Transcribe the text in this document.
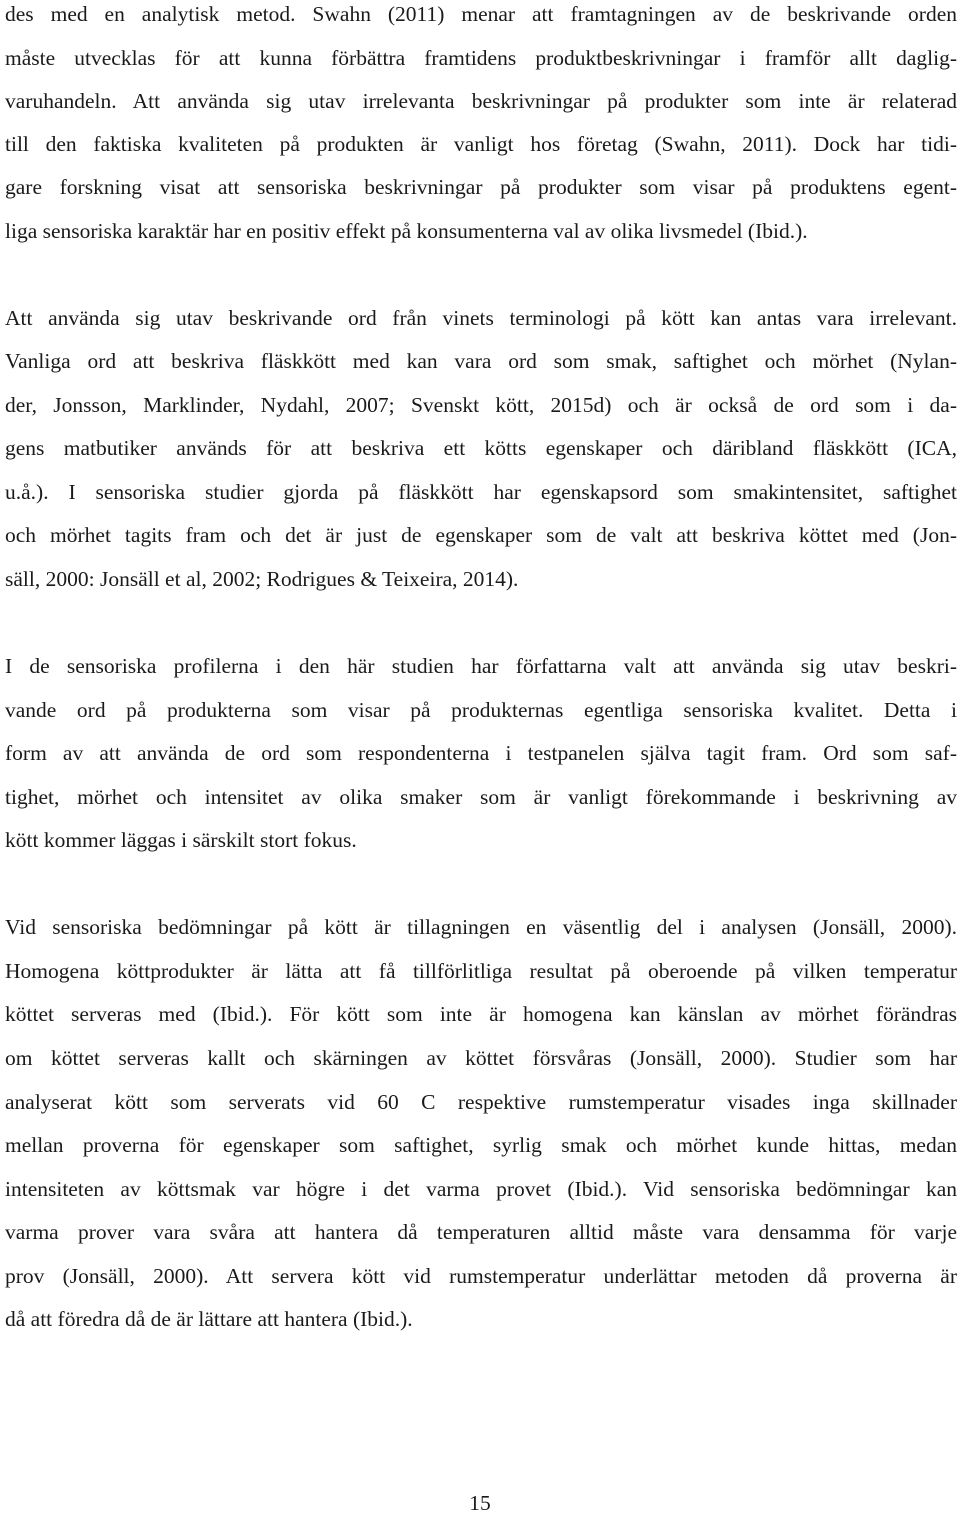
des med en analytisk metod. Swahn (2011) menar att framtagningen av de beskrivande orden

måste utvecklas för att kunna förbättra framtidens produktbeskrivningar i framför allt daglig-

varuhandeln. Att använda sig utav irrelevanta beskrivningar på produkter som inte är relaterad

till den faktiska kvaliteten på produkten är vanligt hos företag (Swahn, 2011). Dock har tidi-

gare forskning visat att sensoriska beskrivningar på produkter som visar på produktens egent-

liga sensoriska karaktär har en positiv effekt på konsumenterna val av olika livsmedel (Ibid.).

Att använda sig utav beskrivande ord från vinets terminologi på kött kan antas vara irrelevant.

Vanliga ord att beskriva fläskkött med kan vara ord som smak, saftighet och mörhet (Nylan-

der, Jonsson, Marklinder, Nydahl, 2007; Svenskt kött, 2015d) och är också de ord som i da-

gens matbutiker används för att beskriva ett kötts egenskaper och däribland fläskkött (ICA,

u.å.). I sensoriska studier gjorda på fläskkött har egenskapsord som smakintensitet, saftighet

och mörhet tagits fram och det är just de egenskaper som de valt att beskriva köttet med (Jon-

säll, 2000: Jonsäll et al, 2002; Rodrigues & Teixeira, 2014).

I de sensoriska profilerna i den här studien har författarna valt att använda sig utav beskri-

vande ord på produkterna som visar på produkternas egentliga sensoriska kvalitet. Detta i

form av att använda de ord som respondenterna i testpanelen själva tagit fram. Ord som saf-

tighet, mörhet och intensitet av olika smaker som är vanligt förekommande i beskrivning av

kött kommer läggas i särskilt stort fokus.

Vid sensoriska bedömningar på kött är tillagningen en väsentlig del i analysen (Jonsäll, 2000).

Homogena köttprodukter är lätta att få tillförlitliga resultat på oberoende på vilken temperatur

köttet serveras med (Ibid.). För kött som inte är homogena kan känslan av mörhet förändras

om köttet serveras kallt och skärningen av köttet försvåras (Jonsäll, 2000). Studier som har

analyserat kött som serverats vid 60 C respektive rumstemperatur visades inga skillnader

mellan proverna för egenskaper som saftighet, syrlig smak och mörhet kunde hittas, medan

intensiteten av köttsmak var högre i det varma provet (Ibid.). Vid sensoriska bedömningar kan

varma prover vara svåra att hantera då temperaturen alltid måste vara densamma för varje

prov (Jonsäll, 2000). Att servera kött vid rumstemperatur underlättar metoden då proverna är

då att föredra då de är lättare att hantera (Ibid.).

15
